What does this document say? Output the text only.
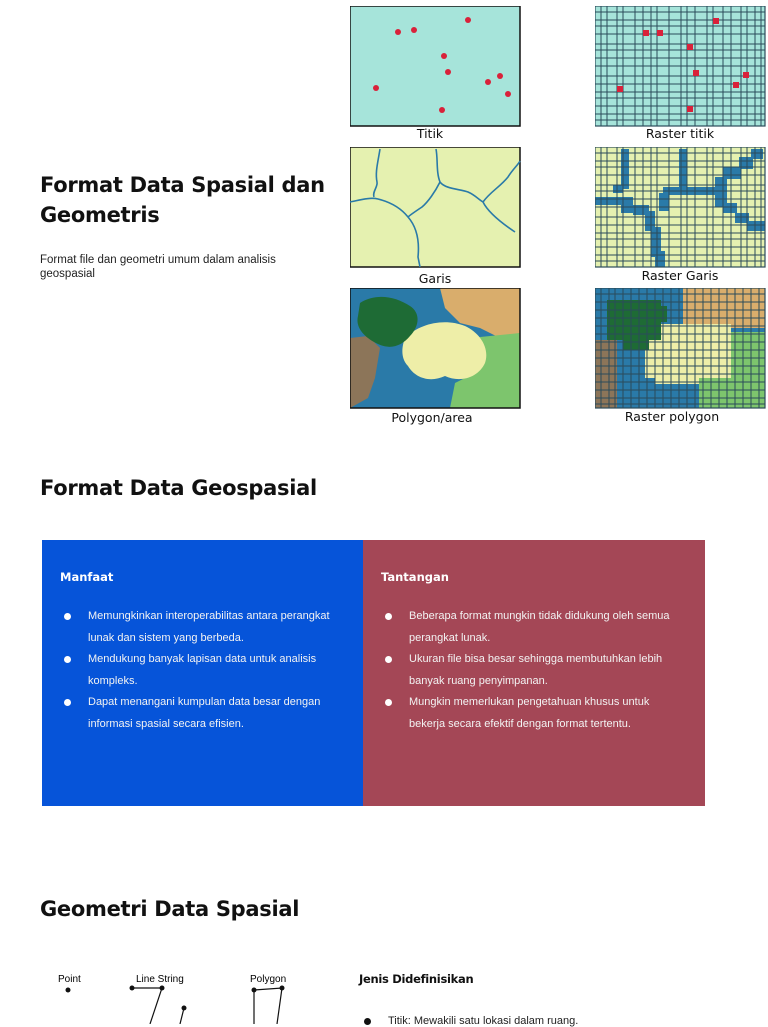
Format Data Spasial dan Geometris
Format file dan geometri umum dalam analisis geospasial
Titik	Raster titik
Garis	Raster Garis
Polygon/area	Raster polygon
Format Data Geospasial
Manfaat
Memungkinkan interoperabilitas antara perangkat lunak dan sistem yang berbeda.
Mendukung banyak lapisan data untuk analisis kompleks.
Dapat menangani kumpulan data besar dengan informasi spasial secara efisien.
Tantangan
Beberapa format mungkin tidak didukung oleh semua perangkat lunak.
Ukuran file bisa besar sehingga membutuhkan lebih banyak ruang penyimpanan.
Mungkin memerlukan pengetahuan khusus untuk bekerja secara efektif dengan format tertentu.
Geometri Data Spasial
Point	Line String	Polygon	Jenis Didefinisikan
Titik: Mewakili satu lokasi dalam ruang.
